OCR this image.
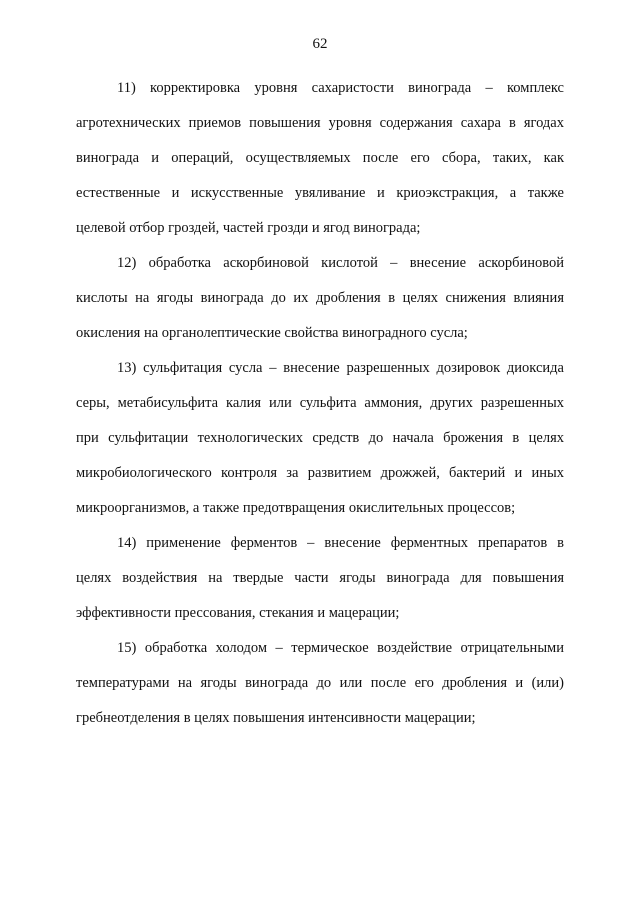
62
11) корректировка уровня сахаристости винограда – комплекс
агротехнических приемов повышения уровня содержания сахара в ягодах
винограда и операций, осуществляемых после его сбора, таких, как
естественные и искусственные увяливание и криоэкстракция, а также
целевой отбор гроздей, частей грозди и ягод винограда;
12) обработка аскорбиновой кислотой – внесение аскорбиновой
кислоты на ягоды винограда до их дробления в целях снижения влияния
окисления на органолептические свойства виноградного сусла;
13) сульфитация сусла – внесение разрешенных дозировок диоксида
серы, метабисульфита калия или сульфита аммония, других разрешенных
при сульфитации технологических средств до начала брожения в целях
микробиологического контроля за развитием дрожжей, бактерий и иных
микроорганизмов, а также предотвращения окислительных процессов;
14) применение ферментов – внесение ферментных препаратов в
целях воздействия на твердые части ягоды винограда для повышения
эффективности прессования, стекания и мацерации;
15) обработка холодом – термическое воздействие отрицательными
температурами на ягоды винограда до или после его дробления и (или)
гребнеотделения в целях повышения интенсивности мацерации;
